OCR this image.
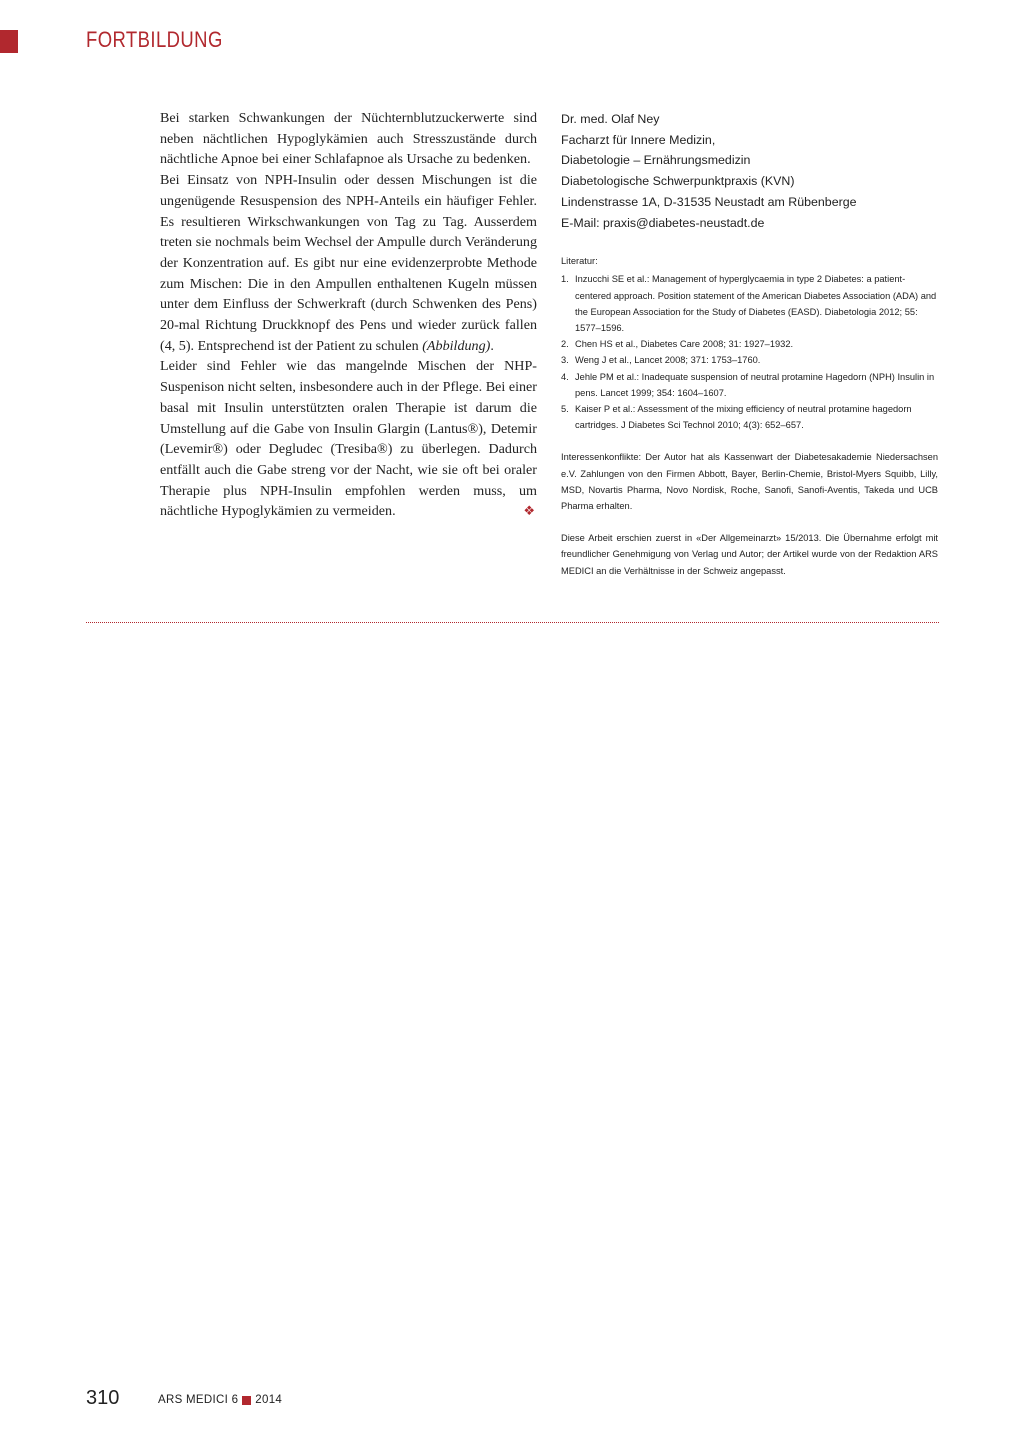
FORTBILDUNG

Bei starken Schwankungen der Nüchternblutzuckerwerte sind neben nächtlichen Hypoglykämien auch Stresszustände durch nächtliche Apnoe bei einer Schlafapnoe als Ursache zu bedenken.

Bei Einsatz von NPH-Insulin oder dessen Mischungen ist die ungenügende Resuspension des NPH-Anteils ein häufiger Fehler. Es resultieren Wirkschwankungen von Tag zu Tag. Ausserdem treten sie nochmals beim Wechsel der Ampulle durch Veränderung der Konzentration auf. Es gibt nur eine evidenzerprobte Methode zum Mischen: Die in den Ampullen enthaltenen Kugeln müssen unter dem Einfluss der Schwerkraft (durch Schwenken des Pens) 20-mal Richtung Druckknopf des Pens und wieder zurück fallen (4, 5). Entsprechend ist der Patient zu schulen (Abbildung).

Leider sind Fehler wie das mangelnde Mischen der NHP-Suspenison nicht selten, insbesondere auch in der Pflege. Bei einer basal mit Insulin unterstützten oralen Therapie ist darum die Umstellung auf die Gabe von Insulin Glargin (Lantus®), Detemir (Levemir®) oder Degludec (Tresiba®) zu überlegen. Dadurch entfällt auch die Gabe streng vor der Nacht, wie sie oft bei oraler Therapie plus NPH-Insulin empfohlen werden muss, um nächtliche Hypoglykämien zu vermeiden.	❖

Dr. med. Olaf Ney
Facharzt für Innere Medizin,
Diabetologie – Ernährungsmedizin
Diabetologische Schwerpunktpraxis (KVN)
Lindenstrasse 1A, D-31535 Neustadt am Rübenberge
E-Mail: praxis@diabetes-neustadt.de
Literatur:
1. Inzucchi SE et al.: Management of hyperglycaemia in type 2 Diabetes: a patient-centered approach. Position statement of the American Diabetes Association (ADA) and the European Association for the Study of Diabetes (EASD). Diabetologia 2012; 55: 1577–1596.
2. Chen HS et al., Diabetes Care 2008; 31: 1927–1932.
3. Weng J et al., Lancet 2008; 371: 1753–1760.
4. Jehle PM et al.: Inadequate suspension of neutral protamine Hagedorn (NPH) Insulin in pens. Lancet 1999; 354: 1604–1607.
5. Kaiser P et al.: Assessment of the mixing efficiency of neutral protamine hagedorn cartridges. J Diabetes Sci Technol 2010; 4(3): 652–657.
Interessenkonflikte: Der Autor hat als Kassenwart der Diabetesakademie Niedersachsen e.V. Zahlungen von den Firmen Abbott, Bayer, Berlin-Chemie, Bristol-Myers Squibb, Lilly, MSD, Novartis Pharma, Novo Nordisk, Roche, Sanofi, Sanofi-Aventis, Takeda und UCB Pharma erhalten.
Diese Arbeit erschien zuerst in «Der Allgemeinarzt» 15/2013. Die Übernahme erfolgt mit freundlicher Genehmigung von Verlag und Autor; der Artikel wurde von der Redaktion ARS MEDICI an die Verhältnisse in der Schweiz angepasst.
310	ARS MEDICI 6 2014
